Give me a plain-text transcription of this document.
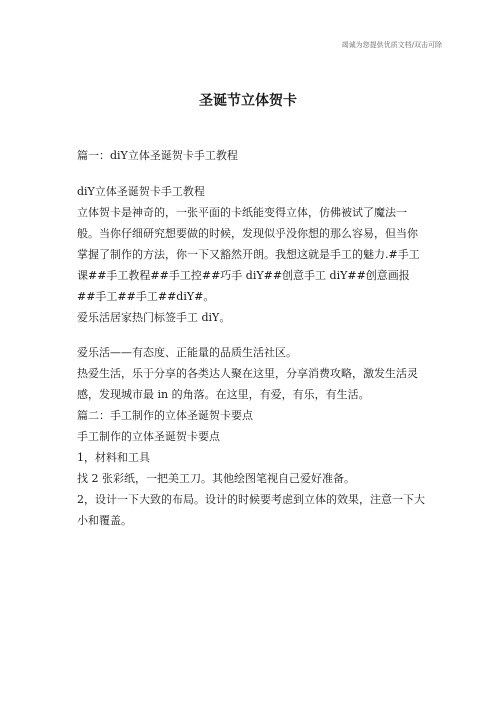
竭诚为您提供优质文档/双击可除
圣诞节立体贺卡

篇一：diY立体圣诞贺卡手工教程

diY立体圣诞贺卡手工教程

立体贺卡是神奇的，一张平面的卡纸能变得立体，仿佛被试了魔法一般。当你仔细研究想要做的时候，发现似乎没你想的那么容易，但当你掌握了制作的方法，你一下又豁然开朗。我想这就是手工的魅力.#手工课##手工教程##手工控##巧手 diY##创意手工 diY##创意画报##手工##手工##diY#。

爱乐活居家热门标签手工 diY。

爱乐活——有态度、正能量的品质生活社区。

热爱生活，乐于分享的各类达人聚在这里，分享消费攻略，激发生活灵感，发现城市最 in 的角落。在这里，有爱，有乐，有生活。

篇二：手工制作的立体圣诞贺卡要点

手工制作的立体圣诞贺卡要点

1，材料和工具

找 2 张彩纸，一把美工刀。其他绘图笔视自己爱好准备。

2，设计一下大致的布局。设计的时候要考虑到立体的效果，注意一下大小和覆盖。
